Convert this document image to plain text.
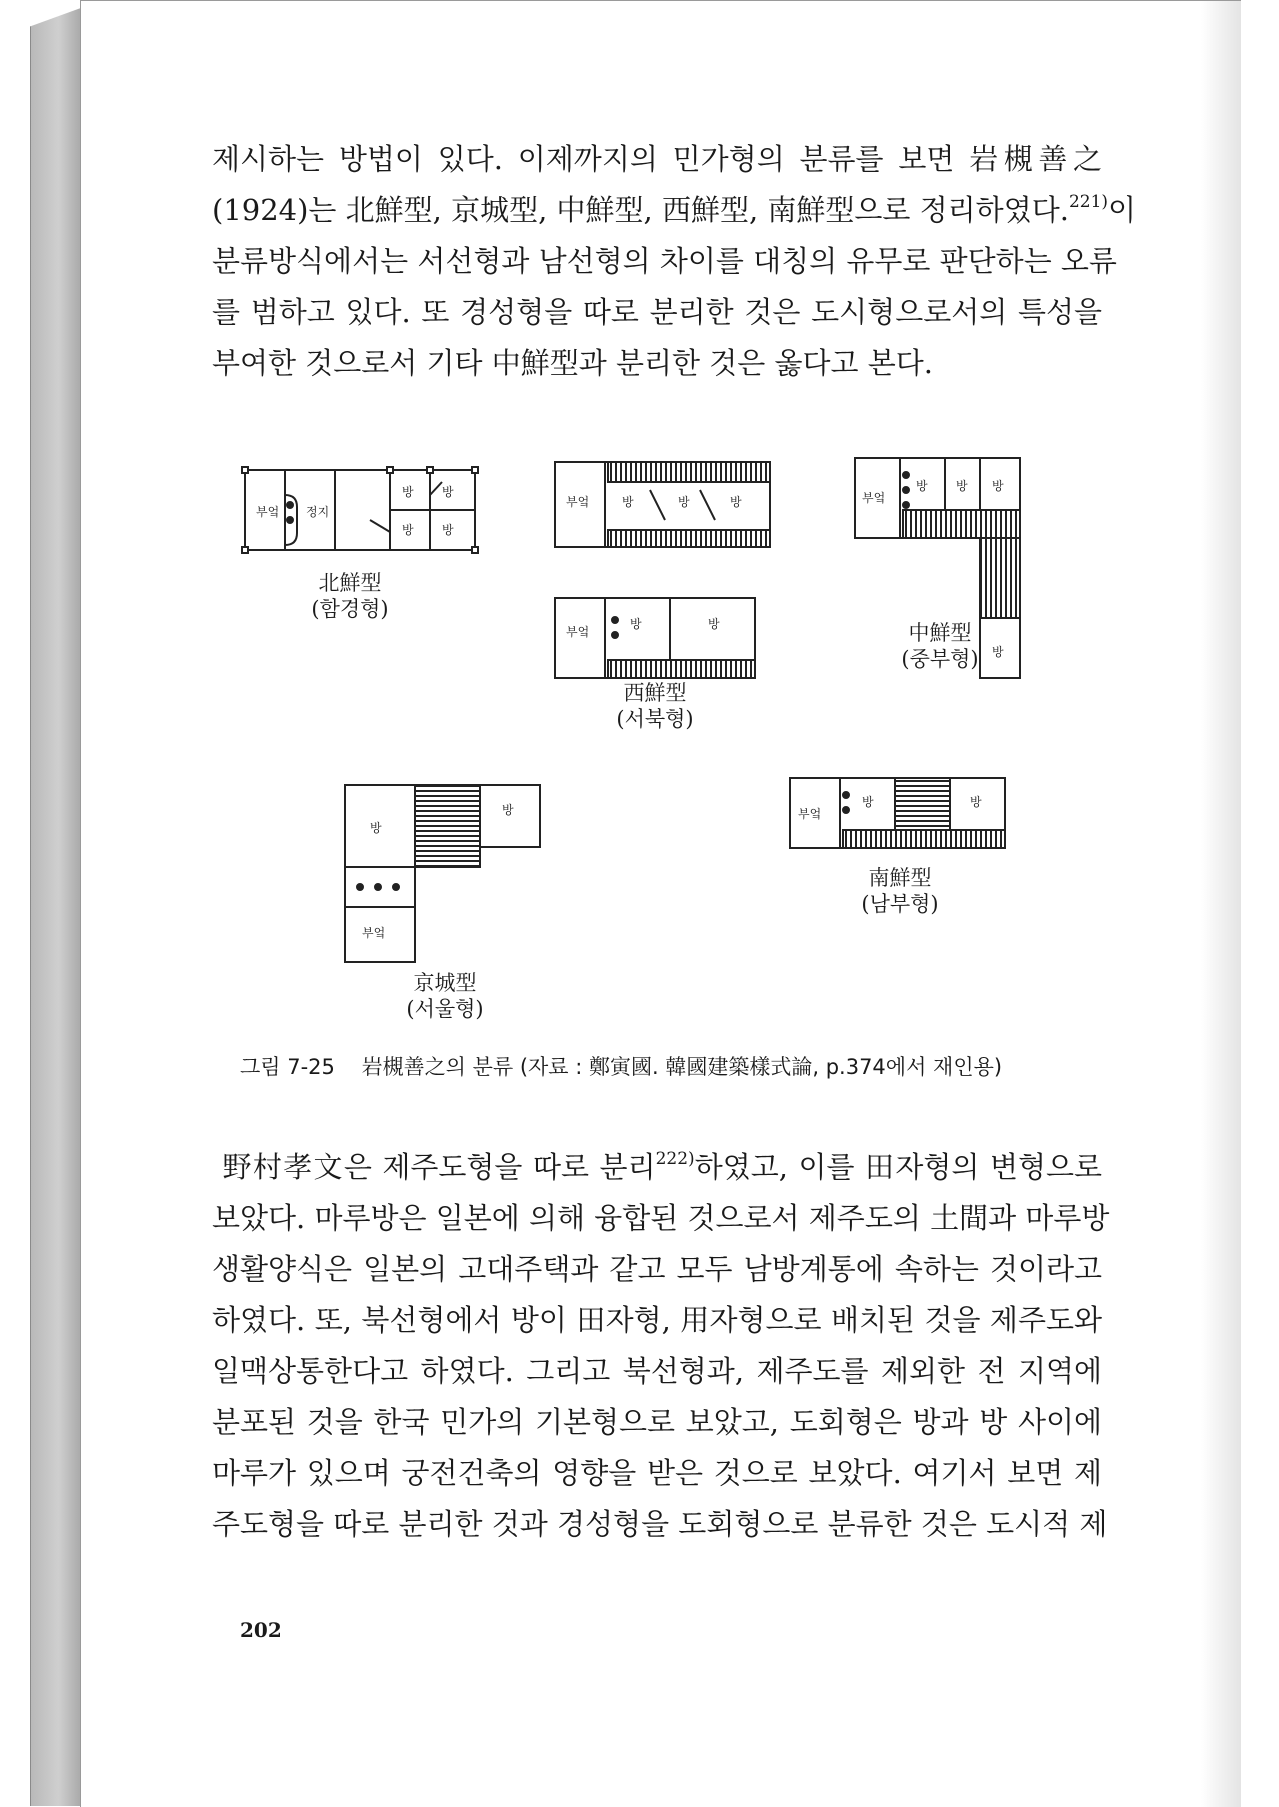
제시하는 방법이 있다. 이제까지의 민가형의 분류를 보면 岩槻善之
(1924)는 北鮮型, 京城型, 中鮮型, 西鮮型, 南鮮型으로 정리하였다.$^{221)}$이
분류방식에서는 서선형과 남선형의 차이를 대칭의 유무로 판단하는 오류
를 범하고 있다. 또 경성형을 따로 분리한 것은 도시형으로서의 특성을
부여한 것으로서 기타 中鮮型과 분리한 것은 옳다고 본다.
부엌 정지
방 방
방 방
부엌
방	방
부엌	방	방	방	부엌
방 방 방
방
방
방
부엌
부엌
방	방
北鮮型
(함경형)
西鮮型
(서북형)
中鮮型
(중부형)
京城型
(서울형)
南鮮型
(남부형)
그림 7-25 岩槻善之의 분류 (자료 : 鄭寅國. 韓國建築樣式論, p.374에서 재인용)
野村孝文은 제주도형을 따로 분리$^{222)}$하였고, 이를 田자형의 변형으로
보았다. 마루방은 일본에 의해 융합된 것으로서 제주도의 土間과 마루방
생활양식은 일본의 고대주택과 같고 모두 남방계통에 속하는 것이라고
하였다. 또, 북선형에서 방이 田자형, 用자형으로 배치된 것을 제주도와
일맥상통한다고 하였다. 그리고 북선형과, 제주도를 제외한 전 지역에
분포된 것을 한국 민가의 기본형으로 보았고, 도회형은 방과 방 사이에
마루가 있으며 궁전건축의 영향을 받은 것으로 보았다. 여기서 보면 제
주도형을 따로 분리한 것과 경성형을 도회형으로 분류한 것은 도시적 제
202
